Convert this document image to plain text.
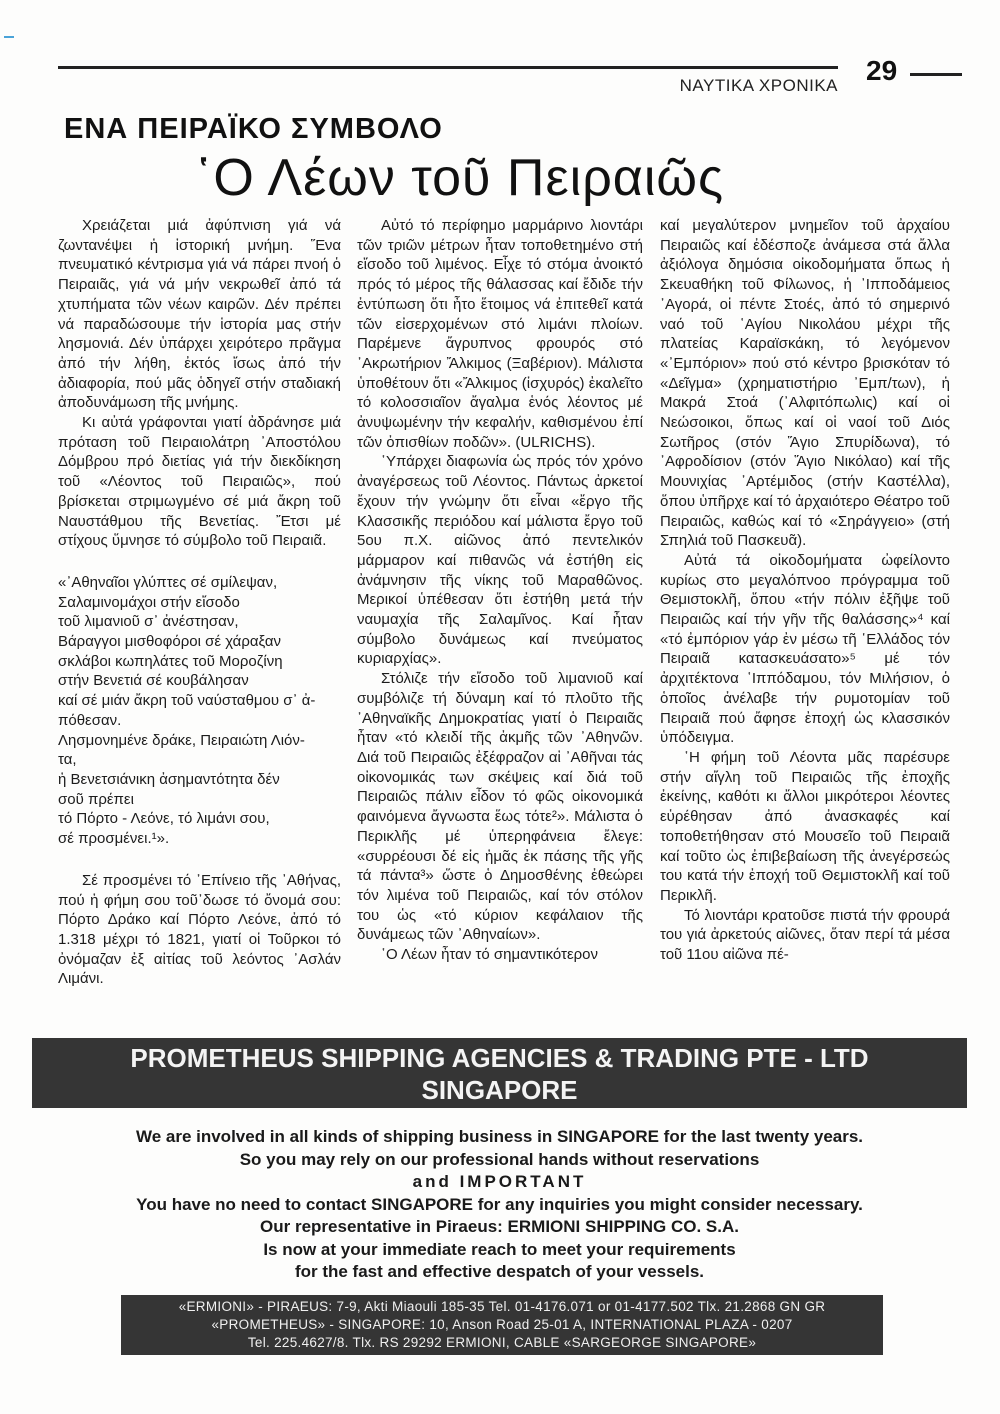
ΝΑΥΤΙΚΑ ΧΡΟΝΙΚΑ 29
ΕΝΑ ΠΕΙΡΑΪΚΟ ΣΥΜΒΟΛΟ
῾Ο Λέων τοῦ Πειραιῶς

Χρειάζεται μιά ἀφύπνιση γιά νά ζωντανέψει ἡ ἱστορική μνήμη. Ἕνα πνευματικό κέντρισμα γιά νά πάρει πνοή ὁ Πειραιᾶς, γιά νά μήν νεκρωθεῖ ἀπό τά χτυπήματα τῶν νέων καιρῶν. Δέν πρέπει νά παραδώσουμε τήν ἱστορία μας στήν λησμονιά. Δέν ὑπάρχει χειρότερο πρᾶγμα ἀπό τήν λήθη, ἐκτός ἴσως ἀπό τήν ἀδιαφορία, πού μᾶς ὁδηγεῖ στήν σταδιακή ἀποδυνάμωση τῆς μνήμης.

Κι αὐτά γράφονται γιατί ἀδράνησε μιά πρόταση τοῦ Πειραιολάτρη ᾿Αποστόλου Δόμβρου πρό διετίας γιά τήν διεκδίκηση τοῦ «Λέοντος τοῦ Πειραιῶς», πού βρίσκεται στριμωγμένο σέ μιά ἄκρη τοῦ Ναυστάθμου τῆς Βενετίας. Ἔτσι μέ στίχους ὕμνησε τό σύμβολο τοῦ Πειραιᾶ.

«᾿Αθηναῖοι γλύπτες σέ σμίλεψαν,
Σαλαμινομάχοι στήν εἴσοδο
τοῦ λιμανιοῦ σ᾿ ἀνέστησαν,
Βάραγγοι μισθοφόροι σέ χάραξαν
σκλάβοι κωπηλάτες τοῦ Μοροζίνη
στήν Βενετιά σέ κουβάλησαν
καί σέ μιάν ἄκρη τοῦ ναύσταθμου σ᾿ ἀ-
πόθεσαν.
Λησμονημένε δράκε, Πειραιώτη Λιόν-
τα,
ἡ Βενετσιάνικη ἀσημαντότητα δέν
σοῦ πρέπει
τό Πόρτο - Λεόνε, τό λιμάνι σου,
σέ προσμένει.¹».

Σέ προσμένει τό ᾿Επίνειο τῆς ᾿Αθήνας, πού ἡ φήμη σου τοῦ᾿δωσε τό ὄνομά σου: Πόρτο Δράκο καί Πόρτο Λεόνε, ἀπό τό 1.318 μέχρι τό 1821, γιατί οἱ Τοῦρκοι τό ὀνόμαζαν ἐξ αἰτίας τοῦ λεόντος ᾿Ασλάν Λιμάνι.

Αὐτό τό περίφημο μαρμάρινο λιοντάρι τῶν τριῶν μέτρων ἦταν τοποθετημένο στή εἴσοδο τοῦ λιμένος. Εἶχε τό στόμα ἀνοικτό πρός τό μέρος τῆς θάλασσας καί ἔδιδε τήν ἐντύπωση ὅτι ἦτο ἕτοιμος νά ἐπιτεθεῖ κατά τῶν εἰσερχομένων στό λιμάνι πλοίων. Παρέμενε ἄγρυπνος φρουρός στό ᾿Ακρωτήριον Ἄλκιμος (Ξαβέριον). Μάλιστα ὑποθέτουν ὅτι «Ἄλκιμος (ἰσχυρός) ἐκαλεῖτο τό κολοσσιαῖον ἄγαλμα ἑνός λέοντος μέ ἀνυψωμένην τήν κεφαλήν, καθισμένου ἐπί τῶν ὀπισθίων ποδῶν». (ULRICHS).

῾Υπάρχει διαφωνία ὡς πρός τόν χρόνο ἀναγέρσεως τοῦ Λέοντος. Πάντως ἀρκετοί ἔχουν τήν γνώμην ὅτι εἶναι «ἔργο τῆς Κλασσικῆς περιόδου καί μάλιστα ἔργο τοῦ 5ου π.Χ. αἰῶνος ἀπό πεντελικόν μάρμαρον καί πιθανῶς νά ἐστήθη εἰς ἀνάμνησιν τῆς νίκης τοῦ Μαραθῶνος. Μερικοί ὑπέθεσαν ὅτι ἐστήθη μετά τήν ναυμαχία τῆς Σαλαμῖνος. Καί ἦταν σύμβολο δυνάμεως καί πνεύματος κυριαρχίας».

Στόλιζε τήν εἴσοδο τοῦ λιμανιοῦ καί συμβόλιζε τή δύναμη καί τό πλοῦτο τῆς ᾿Αθηναϊκῆς Δημοκρατίας γιατί ὁ Πειραιᾶς ἦταν «τό κλειδί τῆς ἀκμῆς τῶν ᾿Αθηνῶν. Διά τοῦ Πειραιῶς ἐξέφραζον αἱ ᾿Αθῆναι τάς οἰκονομικάς των σκέψεις καί διά τοῦ Πειραιῶς πάλιν εἶδον τό φῶς οἰκονομικά φαινόμενα ἄγνωστα ἕως τότε²». Μάλιστα ὁ Περικλῆς μέ ὑπερηφάνεια ἔλεγε: «συρρέουσι δέ εἰς ἡμᾶς ἐκ πάσης τῆς γῆς τά πάντα³» ὥστε ὁ Δημοσθένης ἐθεώρει τόν λιμένα τοῦ Πειραιῶς, καί τόν στόλον του ὡς «τό κύριον κεφάλαιον τῆς δυνάμεως τῶν ᾿Αθηναίων».

῾Ο Λέων ἦταν τό σημαντικότερον

καί μεγαλύτερον μνημεῖον τοῦ ἀρχαίου Πειραιῶς καί ἐδέσποζε ἀνάμεσα στά ἄλλα ἀξιόλογα δημόσια οἰκοδομήματα ὅπως ἡ Σκευαθήκη τοῦ Φίλωνος, ἡ ᾿Ιπποδάμειος ᾿Αγορά, οἱ πέντε Στοές, ἀπό τό σημερινό ναό τοῦ ῾Αγίου Νικολάου μέχρι τῆς πλατείας Καραϊσκάκη, τό λεγόμενον «᾿Εμπόριον» πού στό κέντρο βρισκόταν τό «Δεῖγμα» (χρηματιστήριο ᾿Εμπ/των), ἡ Μακρά Στοά (᾿Αλφιτόπωλις) καί οἱ Νεώσοικοι, ὅπως καί οἱ ναοί τοῦ Διός Σωτῆρος (στόν Ἅγιο Σπυρίδωνα), τό ᾿Αφροδίσιον (στόν Ἅγιο Νικόλαο) καί τῆς Μουνιχίας ᾿Αρτέμιδος (στήν Καστέλλα), ὅπου ὑπῆρχε καί τό ἀρχαιότερο Θέατρο τοῦ Πειραιῶς, καθώς καί τό «Σηράγγειο» (στή Σπηλιά τοῦ Πασκευᾶ).

Αὐτά τά οἰκοδομήματα ὠφείλοντο κυρίως στο μεγαλόπνοο πρόγραμμα τοῦ Θεμιστοκλῆ, ὅπου «τήν πόλιν ἐξῆψε τοῦ Πειραιῶς καί τήν γῆν τῆς θαλάσσης»⁴ καί «τό ἐμπόριον γάρ ἐν μέσω τῆ ῾Ελλάδος τόν Πειραιᾶ κατασκευάσατο»⁵ μέ τόν ἀρχιτέκτονα ῾Ιππόδαμου, τόν Μιλήσιον, ὁ ὁποῖος ἀνέλαβε τήν ρυμοτομίαν τοῦ Πειραιᾶ πού ἄφησε ἐποχή ὡς κλασσικόν ὑπόδειγμα.

῾Η φήμη τοῦ Λέοντα μᾶς παρέσυρε στήν αἴγλη τοῦ Πειραιῶς τῆς ἐποχῆς ἐκείνης, καθότι κι ἄλλοι μικρότεροι λέοντες εὑρέθησαν ἀπό ἀνασκαφές καί τοποθετήθησαν στό Μουσεῖο τοῦ Πειραιᾶ καί τοῦτο ὡς ἐπιβεβαίωση τῆς ἀνεγέρσεώς του κατά τήν ἐποχή τοῦ Θεμιστοκλῆ καί τοῦ Περικλῆ.

Τό λιοντάρι κρατοῦσε πιστά τήν φρουρά του γιά ἀρκετούς αἰῶνες, ὅταν περί τά μέσα τοῦ 11ου αἰῶνα πέ-

PROMETHEUS SHIPPING AGENCIES & TRADING PTE - LTD
SINGAPORE
We are involved in all kinds of shipping business in SINGAPORE for the last twenty years.
So you may rely on our professional hands without reservations
and IMPORTANT
You have no need to contact SINGAPORE for any inquiries you might consider necessary.
Our representative in Piraeus: ERMIONI SHIPPING CO. S.A.
Is now at your immediate reach to meet your requirements
for the fast and effective despatch of your vessels.
«ERMIONI» - PIRAEUS: 7-9, Akti Miaouli 185-35 Tel. 01-4176.071 or 01-4177.502 Tlx. 21.2868 GN GR
«PROMETHEUS» - SINGAPORE: 10, Anson Road 25-01 A, INTERNATIONAL PLAZA - 0207
Tel. 225.4627/8. Tlx. RS 29292 ERMIONI, CABLE «SARGEORGE SINGAPORE»
